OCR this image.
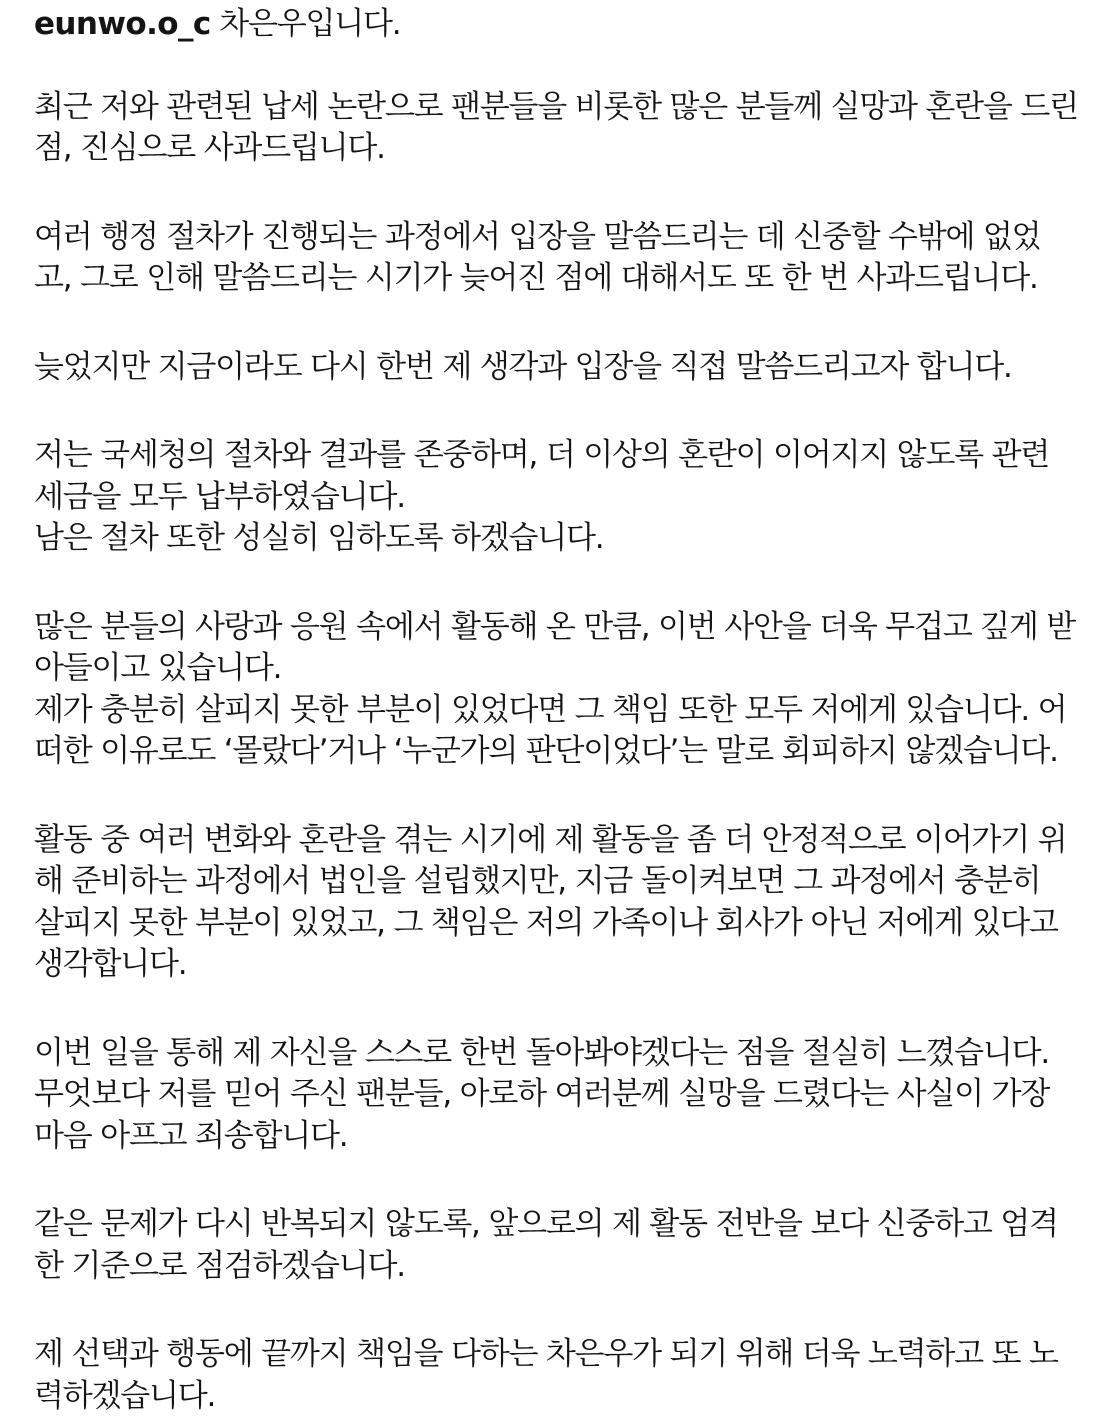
eunwo.o_c 차은우입니다.

최근 저와 관련된 납세 논란으로 팬분들을 비롯한 많은 분들께 실망과 혼란을 드린
점, 진심으로 사과드립니다.

여러 행정 절차가 진행되는 과정에서 입장을 말씀드리는 데 신중할 수밖에 없었
고, 그로 인해 말씀드리는 시기가 늦어진 점에 대해서도 또 한 번 사과드립니다.

늦었지만 지금이라도 다시 한번 제 생각과 입장을 직접 말씀드리고자 합니다.

저는 국세청의 절차와 결과를 존중하며, 더 이상의 혼란이 이어지지 않도록 관련
세금을 모두 납부하였습니다.
남은 절차 또한 성실히 임하도록 하겠습니다.

많은 분들의 사랑과 응원 속에서 활동해 온 만큼, 이번 사안을 더욱 무겁고 깊게 받
아들이고 있습니다.
제가 충분히 살피지 못한 부분이 있었다면 그 책임 또한 모두 저에게 있습니다. 어
떠한 이유로도 ‘몰랐다’거나 ‘누군가의 판단이었다’는 말로 회피하지 않겠습니다.

활동 중 여러 변화와 혼란을 겪는 시기에 제 활동을 좀 더 안정적으로 이어가기 위
해 준비하는 과정에서 법인을 설립했지만, 지금 돌이켜보면 그 과정에서 충분히
살피지 못한 부분이 있었고, 그 책임은 저의 가족이나 회사가 아닌 저에게 있다고
생각합니다.

이번 일을 통해 제 자신을 스스로 한번 돌아봐야겠다는 점을 절실히 느꼈습니다.
무엇보다 저를 믿어 주신 팬분들, 아로하 여러분께 실망을 드렸다는 사실이 가장
마음 아프고 죄송합니다.

같은 문제가 다시 반복되지 않도록, 앞으로의 제 활동 전반을 보다 신중하고 엄격
한 기준으로 점검하겠습니다.

제 선택과 행동에 끝까지 책임을 다하는 차은우가 되기 위해 더욱 노력하고 또 노
력하겠습니다.
